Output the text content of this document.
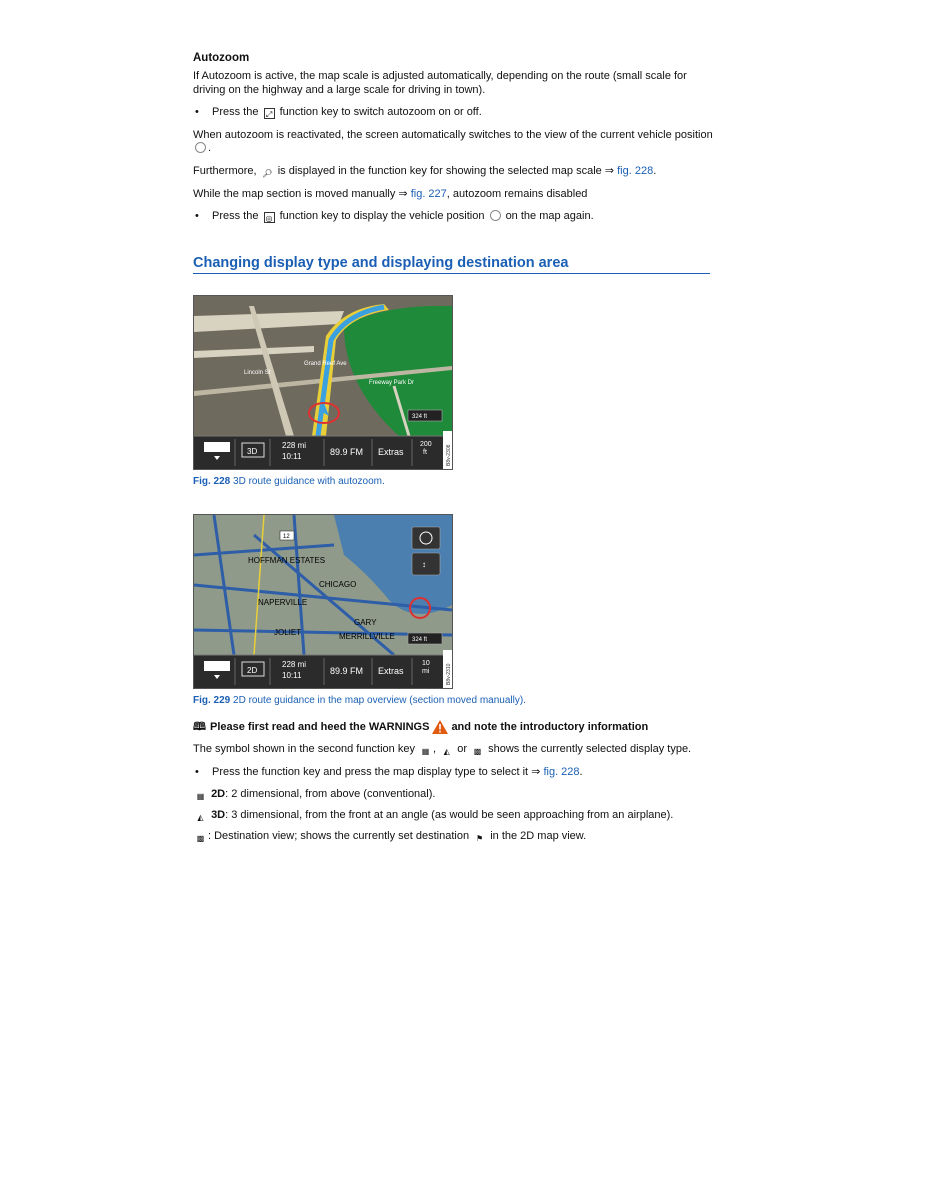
Autozoom

If Autozoom is active, the map scale is adjusted automatically, depending on the route (small scale for driving on the highway and a large scale for driving in town).

•	Press the ⤢ function key to switch autozoom on or off.

When autozoom is reactivated, the screen automatically switches to the view of the current vehicle position .

Furthermore, 🔎︎ is displayed in the function key for showing the selected map scale ⇒ fig. 228.

While the map section is moved manually ⇒ fig. 227, autozoom remains disabled

•	Press the ◎ function key to display the vehicle position on the map again.
Changing display type and displaying destination area
Grand Reef Ave
Lincoln St
Freeway Park Dr
324 ft
3D
228 mi
10:11	89.9 FM Extras
200
ft	B8v-2308
Fig. 228 3D route guidance with autozoom.
HOFFMAN ESTATES
CHICAGO
NAPERVILLE
GARY
JOLIET	MERRILLVILLE
12
↕
324 ft
2D
228 mi
10:11	89.9 FM Extras
10
mi	B8v-2310
Fig. 229 2D route guidance in the map overview (section moved manually).
🕮︎ Please first read and heed the WARNINGS and note the introductory information

The symbol shown in the second function key ▦ , ◭ or ▩ shows the currently selected display type.

•	Press the function key and press the map display type to select it ⇒ fig. 228.
▦ 2D: 2 dimensional, from above (conventional).
◭ 3D: 3 dimensional, from the front at an angle (as would be seen approaching from an airplane).
▩ : Destination view; shows the currently set destination ⚑ in the 2D map view.
